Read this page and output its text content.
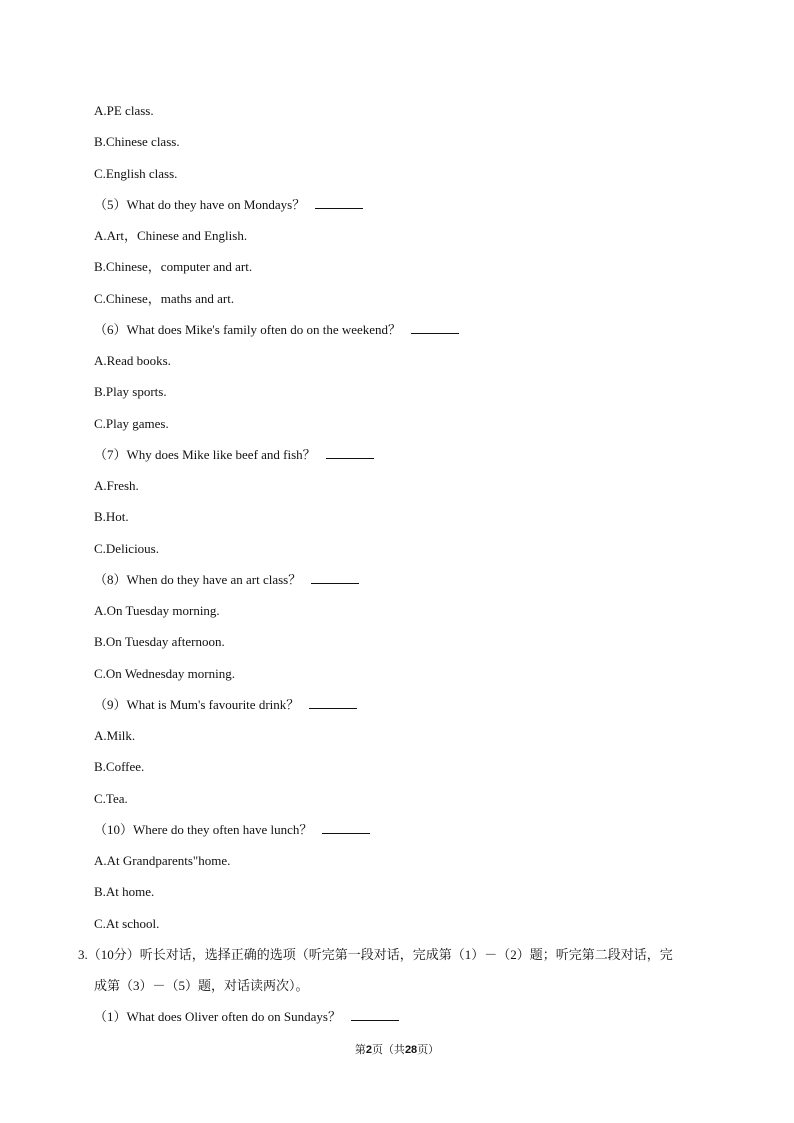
A.PE class.
B.Chinese class.
C.English class.
（5）What do they have on Mondays？
A.Art，Chinese and English.
B.Chinese，computer and art.
C.Chinese，maths and art.
（6）What does Mike's family often do on the weekend？
A.Read books.
B.Play sports.
C.Play games.
（7）Why does Mike like beef and fish？
A.Fresh.
B.Hot.
C.Delicious.
（8）When do they have an art class？
A.On Tuesday morning.
B.On Tuesday afternoon.
C.On Wednesday morning.
（9）What is Mum's favourite drink？
A.Milk.
B.Coffee.
C.Tea.
（10）Where do they often have lunch？
A.At Grandparents"home.
B.At home.
C.At school.
3.（10分）听长对话，选择正确的选项（听完第一段对话，完成第（1）－（2）题；听完第二段对话，完
成第（3）－（5）题，对话读两次）。
（1）What does Oliver often do on Sundays？
第2页（共28页）
